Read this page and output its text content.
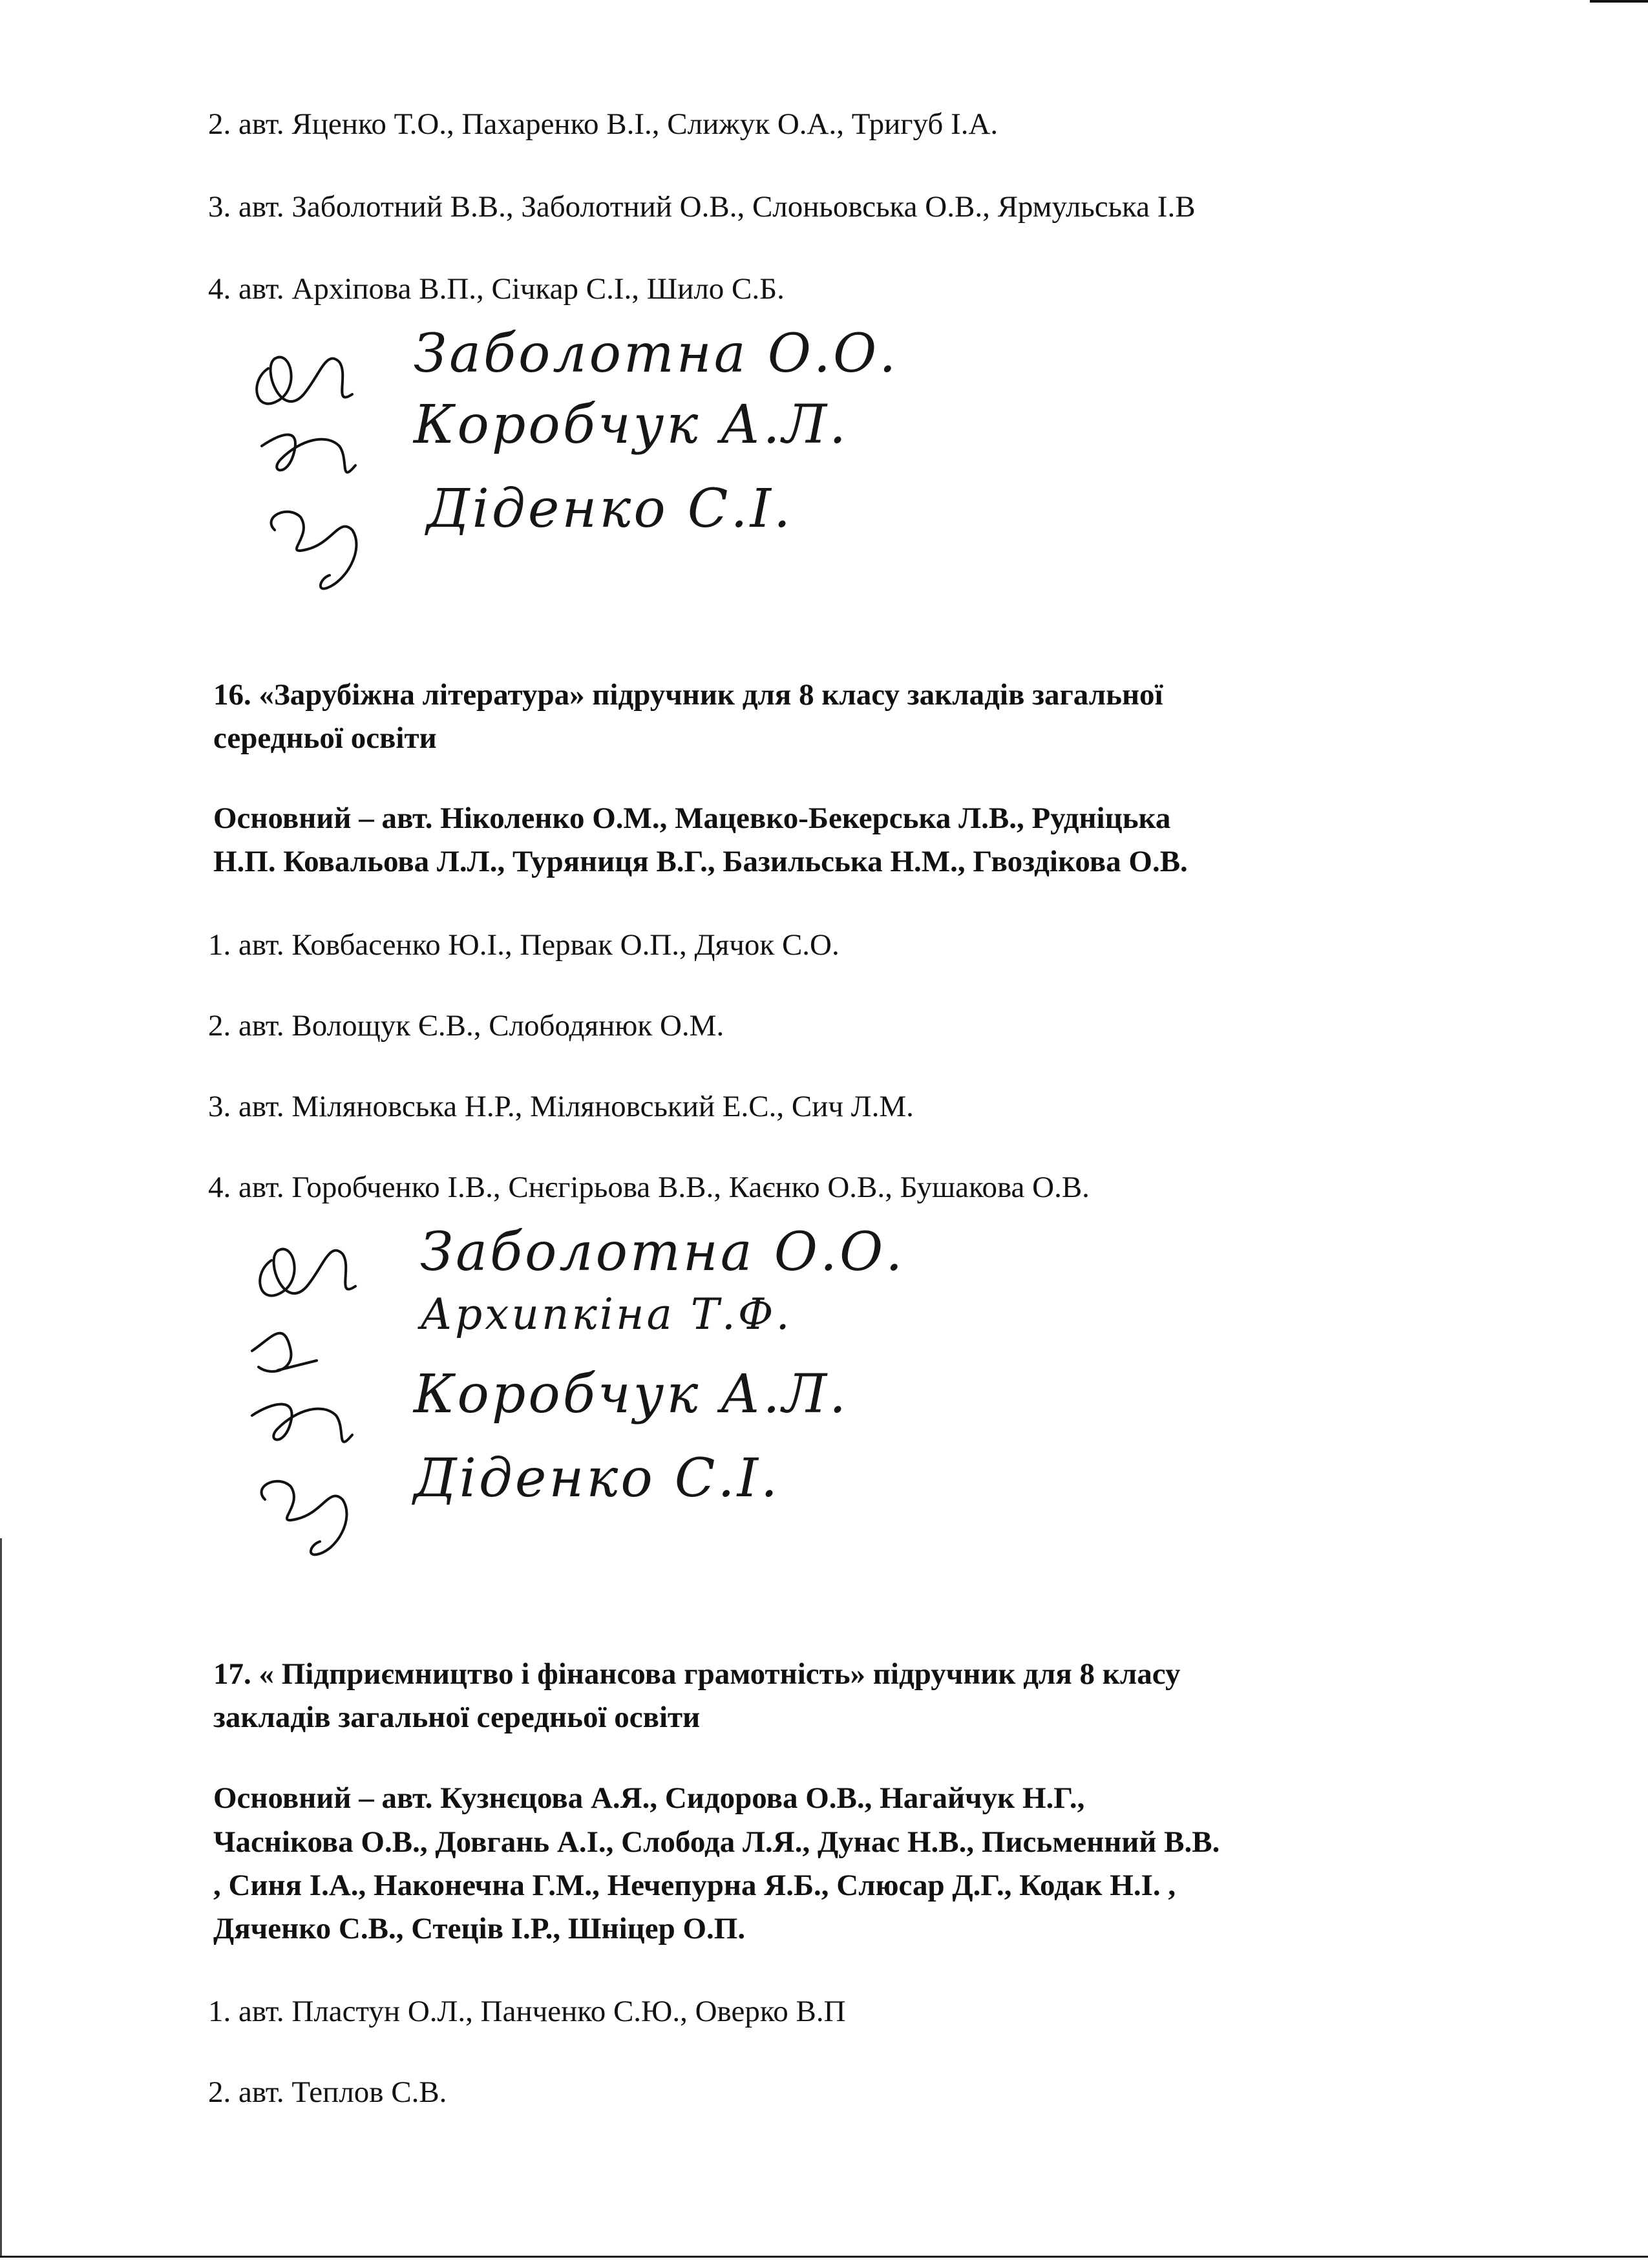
2. авт. Яценко Т.О., Пахаренко В.І., Слижук О.А., Тригуб І.А.
3. авт. Заболотний В.В., Заболотний О.В., Слоньовська О.В., Ярмульська І.В
4. авт. Архіпова В.П., Січкар С.І., Шило С.Б.
Заболотна О.О.
Коробчук А.Л.
Діденко С.І.
16. «Зарубіжна література» підручник для 8 класу закладів загальної
середньої освіти
Основний – авт. Ніколенко О.М., Мацевко-Бекерська Л.В., Рудніцька
Н.П. Ковальова Л.Л., Туряниця В.Г., Базильська Н.М., Гвоздікова О.В.
1. авт. Ковбасенко Ю.І., Первак О.П., Дячок С.О.
2. авт. Волощук Є.В., Слободянюк О.М.
3. авт. Міляновська Н.Р., Міляновський Е.С., Сич Л.М.
4. авт. Горобченко І.В., Снєгірьова В.В., Каєнко О.В., Бушакова О.В.
Заболотна О.О.
Архипкіна Т.Ф.
Коробчук А.Л.
Діденко С.І.
17. « Підприємництво і фінансова грамотність» підручник для 8 класу
закладів загальної середньої освіти
Основний – авт. Кузнєцова А.Я., Сидорова О.В., Нагайчук Н.Г.,
Часнікова О.В., Довгань А.І., Слобода Л.Я., Дунас Н.В., Письменний В.В.
, Синя І.А., Наконечна Г.М., Нечепурна Я.Б., Слюсар Д.Г., Кодак Н.І. ,
Дяченко С.В., Стецiв І.Р., Шніцер О.П.
1. авт. Пластун О.Л., Панченко С.Ю., Оверко В.П
2. авт. Теплов С.В.
